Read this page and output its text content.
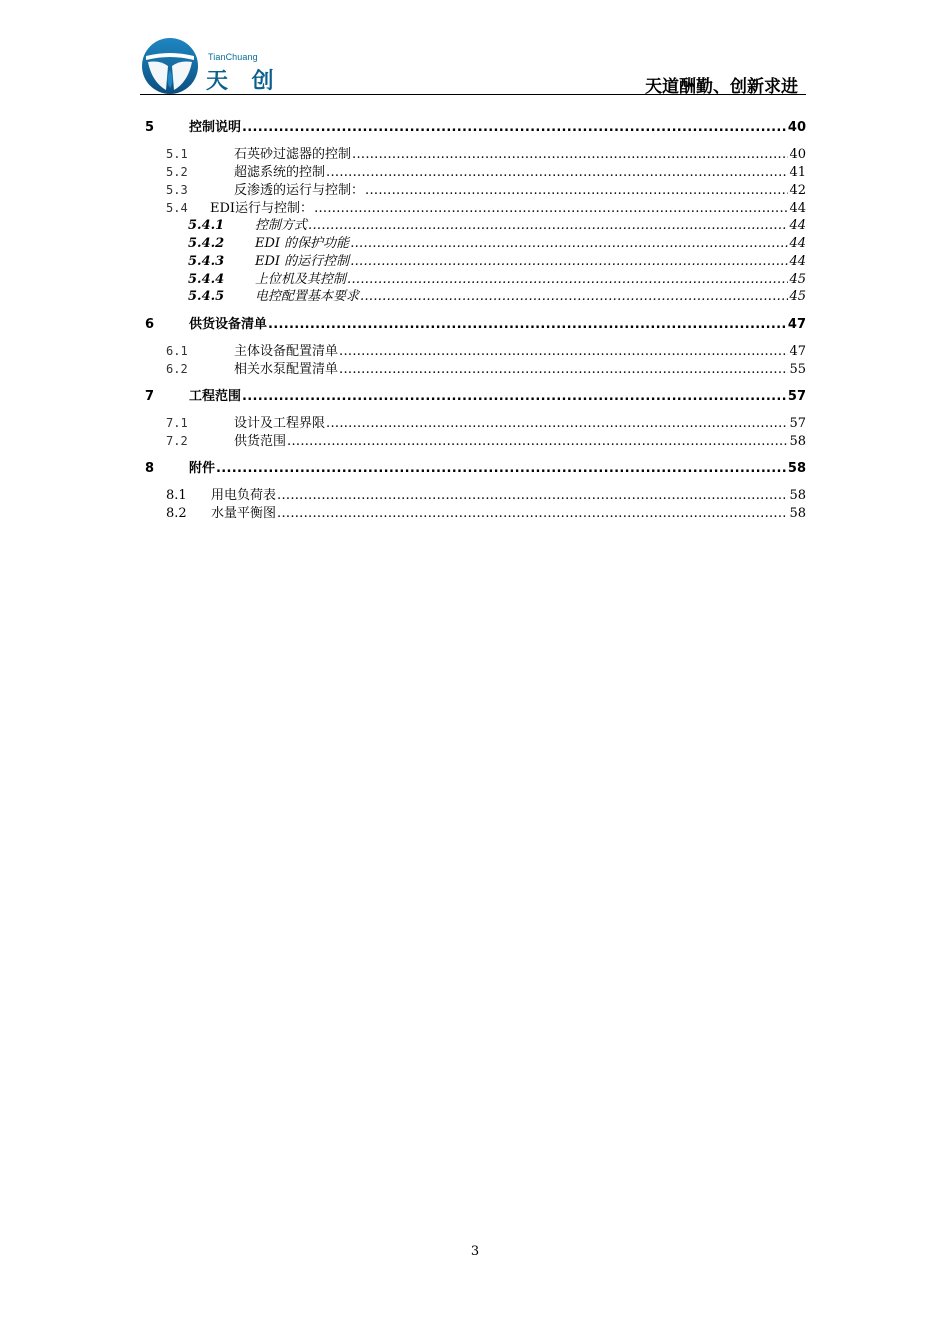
TianChuang
天 创	天道酬勤、创新求进
5	控制说明 .....	40
5.1	石英砂过滤器的控制 .....	40
5.2	超滤系统的控制 .....	41
5.3	反渗透的运行与控制： .....	42
5.4	EDI运行与控制： .....	44
5.4.1	控制方式 .....	44
5.4.2	EDI 的保护功能 .....	44
5.4.3	EDI 的运行控制 .....	44
5.4.4	上位机及其控制 .....	45
5.4.5	电控配置基本要求 .....	45
6	供货设备清单 .....	47
6.1	主体设备配置清单 .....	47
6.2	相关水泵配置清单 .....	55
7	工程范围 .....	57
7.1	设计及工程界限 .....	57
7.2	供货范围 .....	58
8	附件 .....	58
8.1	用电负荷表 .....	58
8.2	水量平衡图 .....	58
3
